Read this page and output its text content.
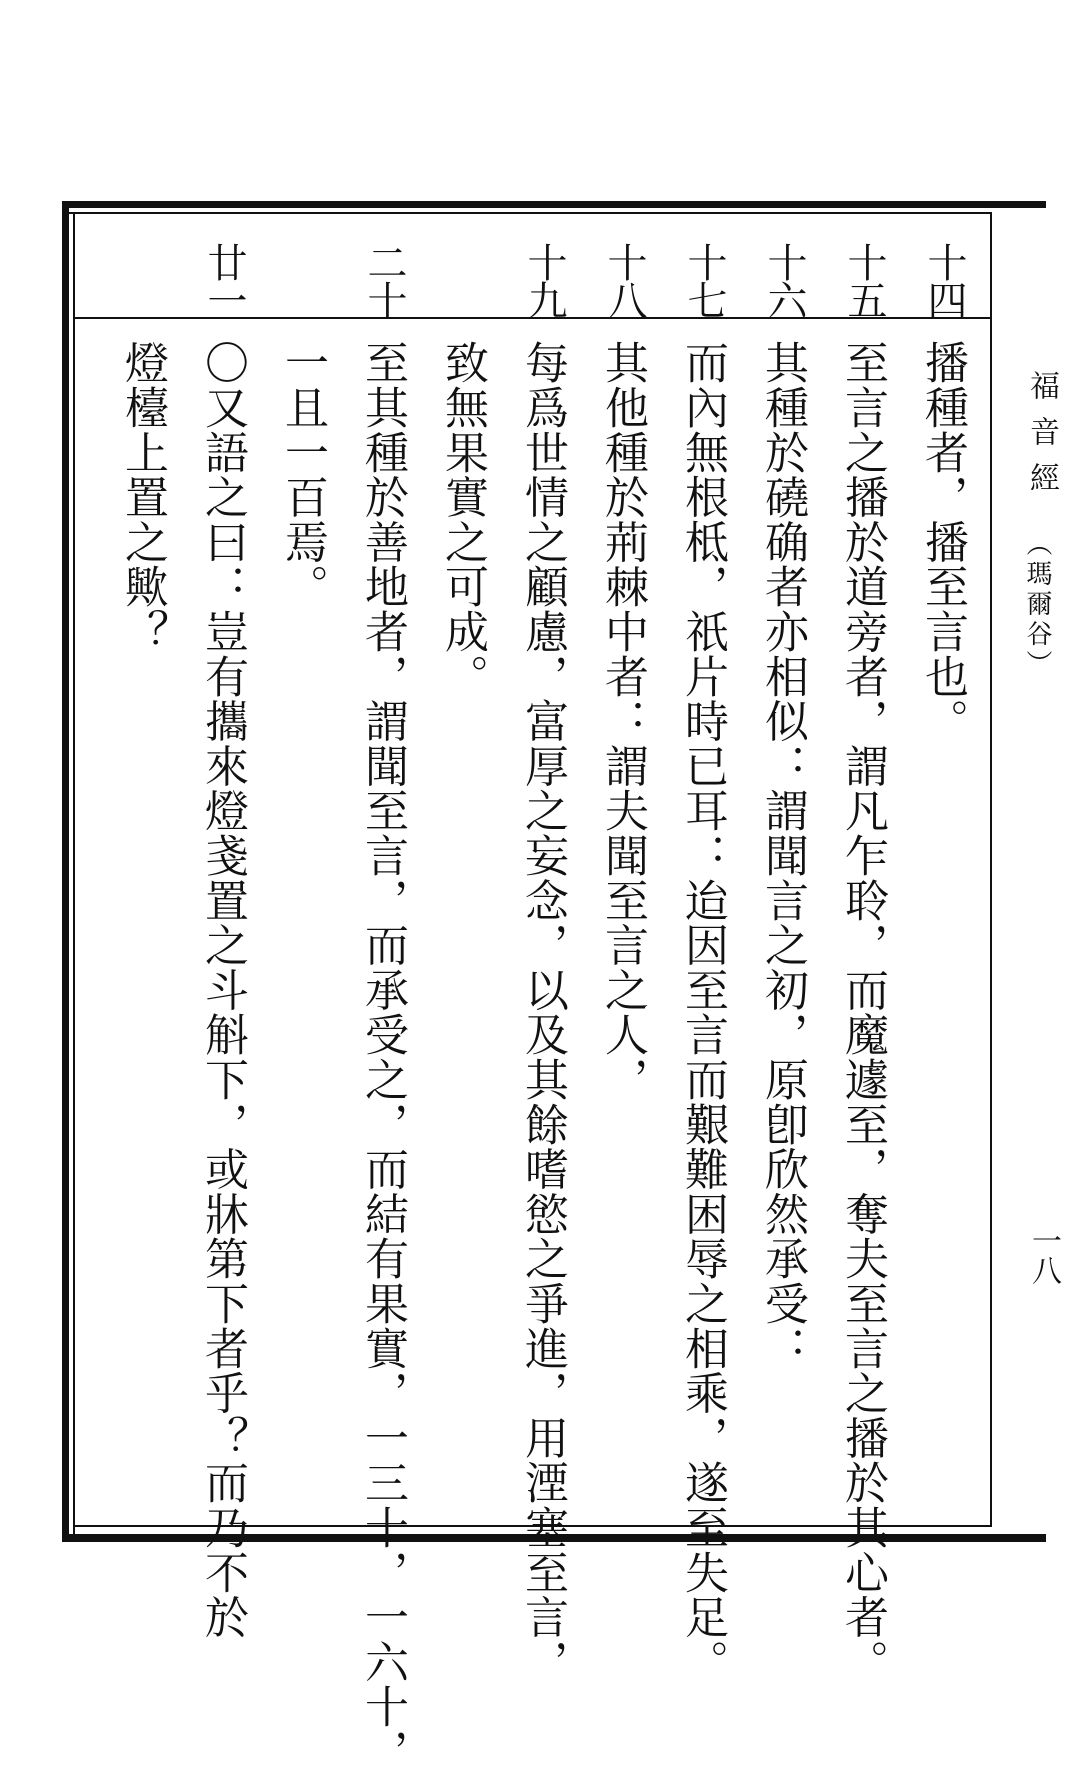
福音經
（瑪爾谷）
一八
十四
播種者，播至言也。
十五
至言之播於道旁者，謂凡乍聆，而魔遽至，奪夫至言之播於其心者。
十六
其種於磽确者亦相似：謂聞言之初，原卽欣然承受：
十七
而內無根柢，祇片時已耳：迨因至言而艱難困辱之相乘，遂至失足。
十八
其他種於荊棘中者：謂夫聞至言之人，
十九
每爲世情之顧慮，富厚之妄念，以及其餘嗜慾之爭進，用湮塞至言，
致無果實之可成。
二十
至其種於善地者，謂聞至言，而承受之，而結有果實，一三十，一六十，
一且一百焉。
廿一
〇又語之曰：豈有攜來燈戔置之斗斛下，或牀第下者乎？而乃不於
燈檯上置之歟？
